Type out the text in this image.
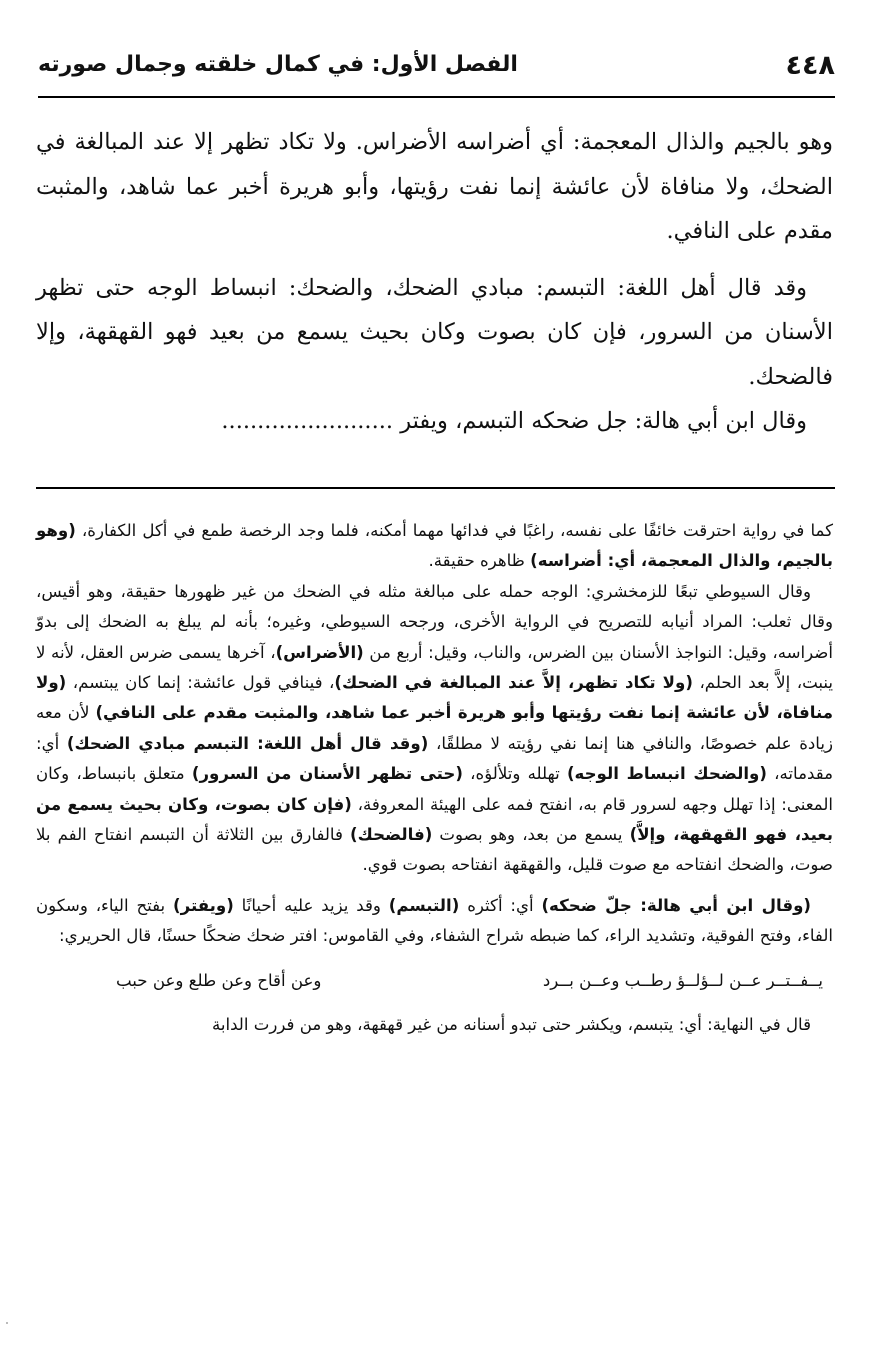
٤٤٨
الفصل الأول: في كمال خلقته وجمال صورته

وهو بالجيم والذال المعجمة: أي أضراسه الأضراس. ولا تكاد تظهر إلا عند المبالغة في الضحك، ولا منافاة لأن عائشة إنما نفت رؤيتها، وأبو هريرة أخبر عما شاهد، والمثبت مقدم على النافي.

وقد قال أهل اللغة: التبسم: مبادي الضحك، والضحك: انبساط الوجه حتى تظهر الأسنان من السرور، فإن كان بصوت وكان بحيث يسمع من بعيد فهو القهقهة، وإلا فالضحك.

وقال ابن أبي هالة: جل ضحكه التبسم، ويفتر ........................

كما في رواية احترقت خائفًا على نفسه، راغبًا في فدائها مهما أمكنه، فلما وجد الرخصة طمع في أكل الكفارة، (وهو بالجيم، والذال المعجمة، أي: أضراسه) ظاهره حقيقة.

وقال السيوطي تبعًا للزمخشري: الوجه حمله على مبالغة مثله في الضحك من غير ظهورها حقيقة، وهو أقيس، وقال ثعلب: المراد أنيابه للتصريح في الرواية الأخرى، ورجحه السيوطي، وغيره؛ بأنه لم يبلغ به الضحك إلى بدوّ أضراسه، وقيل: النواجذ الأسنان بين الضرس، والناب، وقيل: أربع من (الأضراس)، آخرها يسمى ضرس العقل، لأنه لا ينبت، إلاَّ بعد الحلم، (ولا تكاد تظهر، إلاَّ عند المبالغة في الضحك)، فينافي قول عائشة: إنما كان يبتسم، (ولا منافاة، لأن عائشة إنما نفت رؤيتها وأبو هريرة أخبر عما شاهد، والمثبت مقدم على النافي) لأن معه زيادة علم خصوصًا، والنافي هنا إنما نفي رؤيته لا مطلقًا، (وقد قال أهل اللغة: التبسم مبادي الضحك) أي: مقدماته، (والضحك انبساط الوجه) تهلله وتلألؤه، (حتى تظهر الأسنان من السرور) متعلق بانبساط، وكان المعنى: إذا تهلل وجهه لسرور قام به، انفتح فمه على الهيئة المعروفة، (فإن كان بصوت، وكان بحيث يسمع من بعيد، فهو القهقهة، وإلاَّ) يسمع من بعد، وهو بصوت (فالضحك) فالفارق بين الثلاثة أن التبسم انفتاح الفم بلا صوت، والضحك انفتاحه مع صوت قليل، والقهقهة انفتاحه بصوت قوي.

(وقال ابن أبي هالة: جلّ ضحكه) أي: أكثره (التبسم) وقد يزيد عليه أحيانًا (ويفتر) بفتح الياء، وسكون الفاء، وفتح الفوقية، وتشديد الراء، كما ضبطه شراح الشفاء، وفي القاموس: افتر ضحك ضحكًا حسنًا، قال الحريري:

يــفــتــر عــن لــؤلــؤ رطــب وعــن بــرد
وعن أقاح وعن طلع وعن حبب

قال في النهاية: أي: يتبسم، ويكشر حتى تبدو أسنانه من غير قهقهة، وهو من فررت الدابة
